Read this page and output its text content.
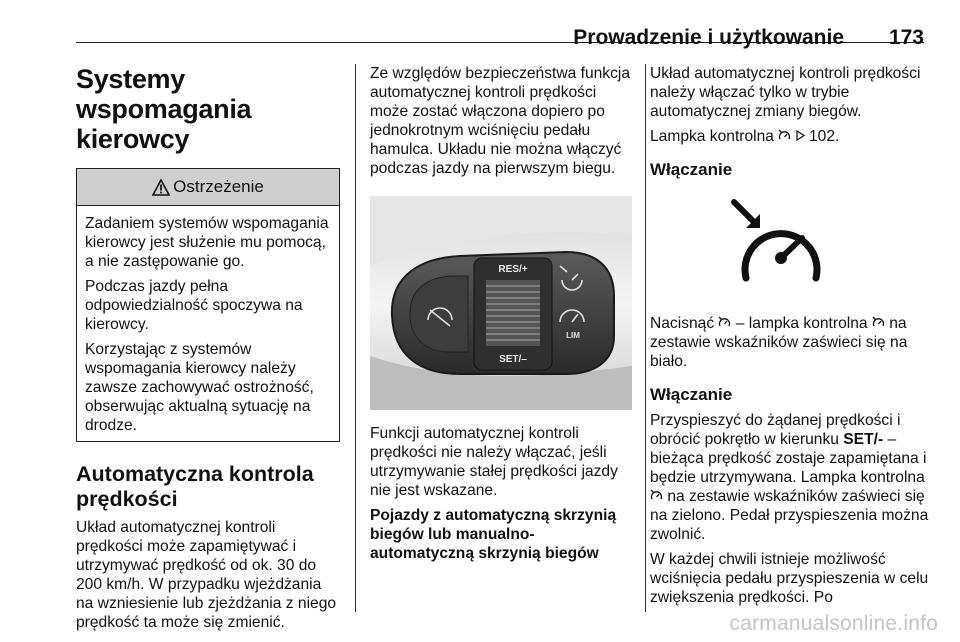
Prowadzenie i użytkowanie 173
Systemy wspomagania
kierowcy
Ostrzeżenie

Zadaniem systemów wspomagania kierowcy jest służenie mu pomocą, a nie zastępowanie go.

Podczas jazdy pełna odpowiedzialność spoczywa na kierowcy.

Korzystając z systemów wspomagania kierowcy należy zawsze zachowywać ostrożność, obserwując aktualną sytuację na drodze.

Automatyczna kontrola prędkości

Układ automatycznej kontroli prędkości może zapamiętywać i utrzymywać prędkość od ok. 30 do 200 km/h. W przypadku wjeżdżania na wzniesienie lub zjeżdżania z niego prędkość ta może się zmienić.

Ze względów bezpieczeństwa funkcja automatycznej kontroli prędkości może zostać włączona dopiero po jednokrotnym wciśnięciu pedału hamulca. Układu nie można włączyć podczas jazdy na pierwszym biegu.

RES/+
SET/–
LIM

Funkcji automatycznej kontroli prędkości nie należy włączać, jeśli utrzymywanie stałej prędkości jazdy nie jest wskazane.

Pojazdy z automatyczną skrzynią biegów lub manualno-automatyczną skrzynią biegów

Układ automatycznej kontroli prędkości należy włączać tylko w trybie automatycznej zmiany biegów.

Lampka kontrolna   102.

Włączanie

Nacisnąć  – lampka kontrolna  na zestawie wskaźników zaświeci się na biało.

Włączanie

Przyspieszyć do żądanej prędkości i obrócić pokrętło w kierunku SET/- – bieżąca prędkość zostaje zapamiętana i będzie utrzymywana. Lampka kontrolna  na zestawie wskaźników zaświeci się na zielono. Pedał przyspieszenia można zwolnić.

W każdej chwili istnieje możliwość wciśnięcia pedału przyspieszenia w celu zwiększenia prędkości. Po

carmanualsonline.info
